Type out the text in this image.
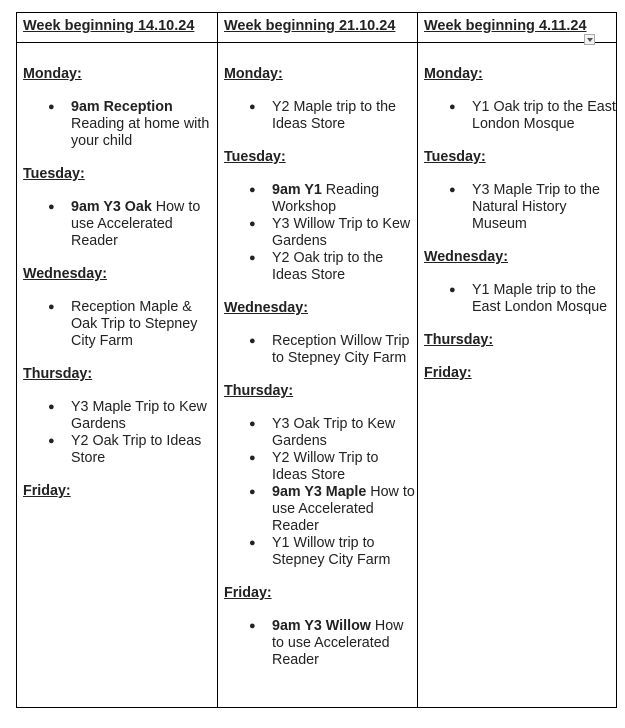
Week beginning 14.10.24

Monday:

● 9am Reception Reading at home with your child

Tuesday:

● 9am Y3 Oak How to use Accelerated Reader

Wednesday:

● Reception Maple & Oak Trip to Stepney City Farm

Thursday:

● Y3 Maple Trip to Kew Gardens
● Y2 Oak Trip to Ideas Store

Friday:

Week beginning 21.10.24

Monday:

● Y2 Maple trip to the Ideas Store

Tuesday:

● 9am Y1 Reading Workshop
● Y3 Willow Trip to Kew Gardens
● Y2 Oak trip to the Ideas Store

Wednesday:

● Reception Willow Trip to Stepney City Farm

Thursday:

● Y3 Oak Trip to Kew Gardens
● Y2 Willow Trip to Ideas Store
● 9am Y3 Maple How to use Accelerated Reader
● Y1 Willow trip to Stepney City Farm

Friday:

● 9am Y3 Willow How to use Accelerated Reader
Week beginning 4.11.24

Monday:

● Y1 Oak trip to the East London Mosque

Tuesday:

● Y3 Maple Trip to the Natural History Museum

Wednesday:

● Y1 Maple trip to the East London Mosque

Thursday:

Friday:
